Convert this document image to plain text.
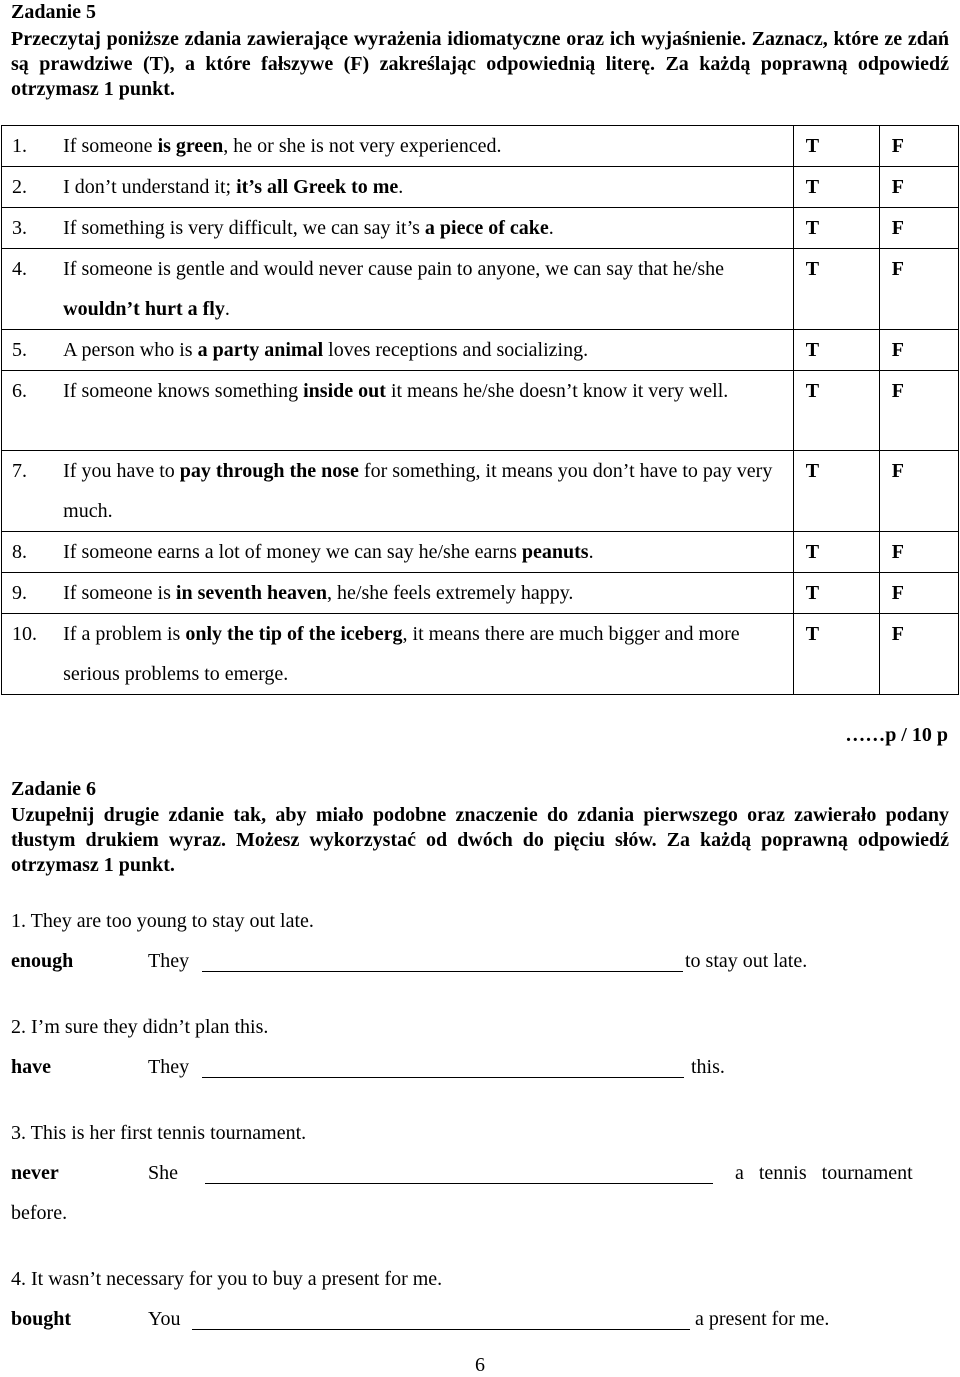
Zadanie 5
Przeczytaj poniższe zdania zawierające wyrażenia idiomatyczne oraz ich wyjaśnienie. Zaznacz, które ze zdań są prawdziwe (T), a które fałszywe (F) zakreślając odpowiednią literę. Za każdą poprawną odpowiedź otrzymasz 1 punkt.
1.	If someone is green, he or she is not very experienced.	T	F
2.	I don’t understand it; it’s all Greek to me.	T	F
3.	If something is very difficult, we can say it’s a piece of cake.	T	F
4.	If someone is gentle and would never cause pain to anyone, we can say that he/she wouldn’t hurt a fly.	T	F
5.	A person who is a party animal loves receptions and socializing.	T	F
6.	If someone knows something inside out it means he/she doesn’t know it very well.	T	F
7.	If you have to pay through the nose for something, it means you don’t have to pay very much.	T	F
8.	If someone earns a lot of money we can say he/she earns peanuts.	T	F
9.	If someone is in seventh heaven, he/she feels extremely happy.	T	F
10.	If a problem is only the tip of the iceberg, it means there are much bigger and more serious problems to emerge.	T	F
……p / 10 p
Zadanie 6
Uzupełnij drugie zdanie tak, aby miało podobne znaczenie do zdania pierwszego oraz zawierało podany tłustym drukiem wyraz. Możesz wykorzystać od dwóch do pięciu słów. Za każdą poprawną odpowiedź otrzymasz 1 punkt.
1. They are too young to stay out late.
enough	They	to stay out late.
2. I’m sure they didn’t plan this.
have	They	this.
3. This is her first tennis tournament.
never	She	a   tennis   tournament
before.
4. It wasn’t necessary for you to buy a present for me.
bought	You	a present for me.
6
